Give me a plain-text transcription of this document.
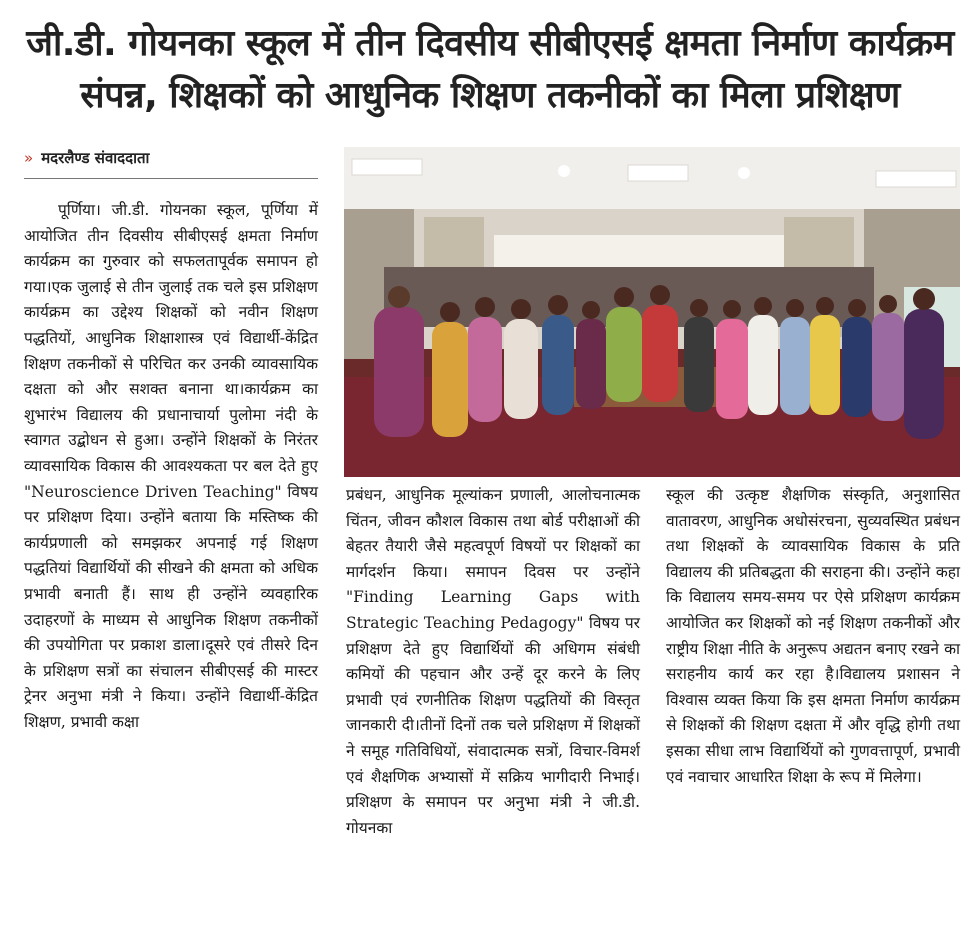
जी.डी. गोयनका स्कूल में तीन दिवसीय सीबीएसई क्षमता निर्माण कार्यक्रम
संपन्न, शिक्षकों को आधुनिक शिक्षण तकनीकों का मिला प्रशिक्षण
» मदरलैण्ड संवाददाता

पूर्णिया। जी.डी. गोयनका स्कूल, पूर्णिया में आयोजित तीन दिवसीय सीबीएसई क्षमता निर्माण कार्यक्रम का गुरुवार को सफलतापूर्वक समापन हो गया।एक जुलाई से तीन जुलाई तक चले इस प्रशिक्षण कार्यक्रम का उद्देश्य शिक्षकों को नवीन शिक्षण पद्धतियों, आधुनिक शिक्षाशास्त्र एवं विद्यार्थी-केंद्रित शिक्षण तकनीकों से परिचित कर उनकी व्यावसायिक दक्षता को और सशक्त बनाना था।कार्यक्रम का शुभारंभ विद्यालय की प्रधानाचार्या पुलोमा नंदी के स्वागत उद्बोधन से हुआ। उन्होंने शिक्षकों के निरंतर व्यावसायिक विकास की आवश्यकता पर बल देते हुए "Neuroscience Driven Teaching" विषय पर प्रशिक्षण दिया। उन्होंने बताया कि मस्तिष्क की कार्यप्रणाली को समझकर अपनाई गई शिक्षण पद्धतियां विद्यार्थियों की सीखने की क्षमता को अधिक प्रभावी बनाती हैं। साथ ही उन्होंने व्यवहारिक उदाहरणों के माध्यम से आधुनिक शिक्षण तकनीकों की उपयोगिता पर प्रकाश डाला।दूसरे एवं तीसरे दिन के प्रशिक्षण सत्रों का संचालन सीबीएसई की मास्टर ट्रेनर अनुभा मंत्री ने किया। उन्होंने विद्यार्थी-केंद्रित शिक्षण, प्रभावी कक्षा

प्रबंधन, आधुनिक मूल्यांकन प्रणाली, आलोचनात्मक चिंतन, जीवन कौशल विकास तथा बोर्ड परीक्षाओं की बेहतर तैयारी जैसे महत्वपूर्ण विषयों पर शिक्षकों का मार्गदर्शन किया। समापन दिवस पर उन्होंने "Finding Learning Gaps with Strategic Teaching Pedagogy" विषय पर प्रशिक्षण देते हुए विद्यार्थियों की अधिगम संबंधी कमियों की पहचान और उन्हें दूर करने के लिए प्रभावी एवं रणनीतिक शिक्षण पद्धतियों की विस्तृत जानकारी दी।तीनों दिनों तक चले प्रशिक्षण में शिक्षकों ने समूह गतिविधियों, संवादात्मक सत्रों, विचार-विमर्श एवं शैक्षणिक अभ्यासों में सक्रिय भागीदारी निभाई। प्रशिक्षण के समापन पर अनुभा मंत्री ने जी.डी. गोयनका

स्कूल की उत्कृष्ट शैक्षणिक संस्कृति, अनुशासित वातावरण, आधुनिक अधोसंरचना, सुव्यवस्थित प्रबंधन तथा शिक्षकों के व्यावसायिक विकास के प्रति विद्यालय की प्रतिबद्धता की सराहना की। उन्होंने कहा कि विद्यालय समय-समय पर ऐसे प्रशिक्षण कार्यक्रम आयोजित कर शिक्षकों को नई शिक्षण तकनीकों और राष्ट्रीय शिक्षा नीति के अनुरूप अद्यतन बनाए रखने का सराहनीय कार्य कर रहा है।विद्यालय प्रशासन ने विश्वास व्यक्त किया कि इस क्षमता निर्माण कार्यक्रम से शिक्षकों की शिक्षण दक्षता में और वृद्धि होगी तथा इसका सीधा लाभ विद्यार्थियों को गुणवत्तापूर्ण, प्रभावी एवं नवाचार आधारित शिक्षा के रूप में मिलेगा।
